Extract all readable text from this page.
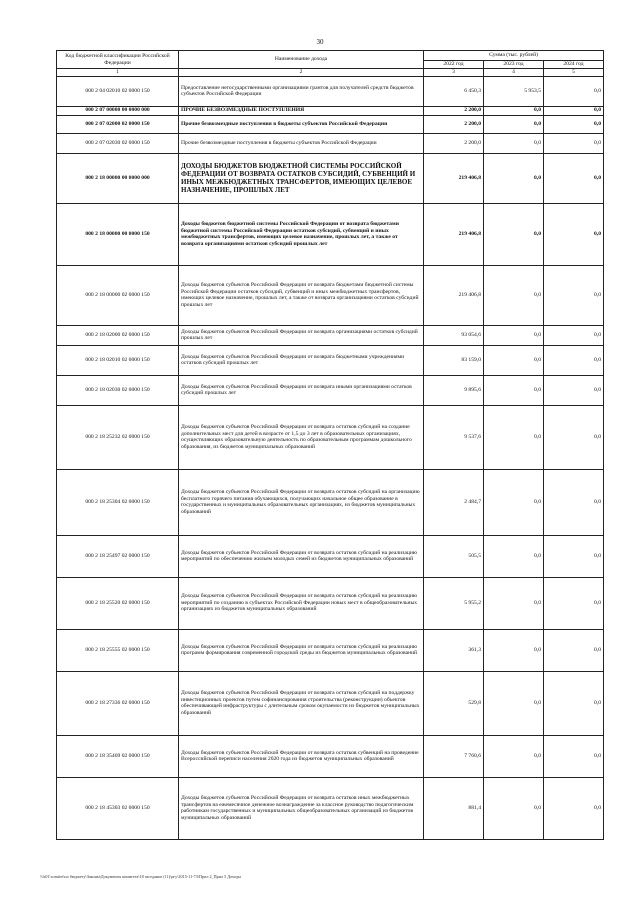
30
Код бюджетной классификации Российской Федерации	Наименование дохода	Сумма (тыс. рублей)		
		2022 год	2023 год	2024 год
1	2	3	4	5
000 2 04 02010 02 0000 150	Предоставление негосударственными организациями грантов для получателей средств бюджетов субъектов Российской Федерации	6 450,3	5 953,5	0,0
000 2 07 00000 00 0000 000	ПРОЧИЕ БЕЗВОЗМЕЗДНЫЕ ПОСТУПЛЕНИЯ	2 200,0	0,0	0,0
000 2 07 02000 02 0000 150	Прочие безвозмездные поступления в бюджеты субъектов Российской Федерации	2 200,0	0,0	0,0
000 2 07 02030 02 0000 150	Прочие безвозмездные поступления в бюджеты субъектов Российской Федерации	2 200,0	0,0	0,0
000 2 18 00000 00 0000 000	ДОХОДЫ БЮДЖЕТОВ БЮДЖЕТНОЙ СИСТЕМЫ РОССИЙСКОЙ ФЕДЕРАЦИИ ОТ ВОЗВРАТА ОСТАТКОВ СУБСИДИЙ, СУБВЕНЦИЙ И ИНЫХ МЕЖБЮДЖЕТНЫХ ТРАНСФЕРТОВ, ИМЕЮЩИХ ЦЕЛЕВОЕ НАЗНАЧЕНИЕ, ПРОШЛЫХ ЛЕТ	219 406,8	0,0	0,0
000 2 18 00000 00 0000 150	Доходы бюджетов бюджетной системы Российской Федерации от возврата бюджетами бюджетной системы Российской Федерации остатков субсидий, субвенций и иных межбюджетных трансфертов, имеющих целевое назначение, прошлых лет, а также от возврата организациями остатков субсидий прошлых лет	219 406,8	0,0	0,0
000 2 18 00000 02 0000 150	Доходы бюджетов субъектов Российской Федерации от возврата бюджетами бюджетной системы Российской Федерации остатков субсидий, субвенций и иных межбюджетных трансфертов, имеющих целевое назначение, прошлых лет, а также от возврата организациями остатков субсидий прошлых лет	219 406,8	0,0	0,0
000 2 18 02000 02 0000 150	Доходы бюджетов субъектов Российской Федерации от возврата организациями остатков субсидий прошлых лет	93 054,6	0,0	0,0
000 2 18 02010 02 0000 150	Доходы бюджетов субъектов Российской Федерации от возврата бюджетными учреждениями остатков субсидий прошлых лет	83 159,0	0,0	0,0
000 2 18 02030 02 0000 150	Доходы бюджетов субъектов Российской Федерации от возврата иными организациями остатков субсидий прошлых лет	9 895,6	0,0	0,0
000 2 18 25232 02 0000 150	Доходы бюджетов субъектов Российской Федерации от возврата остатков субсидий на создание дополнительных мест для детей в возрасте от 1,5 до 3 лет в образовательных организациях, осуществляющих образовательную деятельность по образовательным программам дошкольного образования, из бюджетов муниципальных образований	9 537,6	0,0	0,0
000 2 18 25304 02 0000 150	Доходы бюджетов субъектов Российской Федерации от возврата остатков субсидий на организацию бесплатного горячего питания обучающихся, получающих начальное общее образование в государственных и муниципальных образовательных организациях, из бюджетов муниципальных образований	2 484,7	0,0	0,0
000 2 18 25497 02 0000 150	Доходы бюджетов субъектов Российской Федерации от возврата остатков субсидий на реализацию мероприятий по обеспечению жильем молодых семей из бюджетов муниципальных образований	505,5	0,0	0,0
000 2 18 25520 02 0000 150	Доходы бюджетов субъектов Российской Федерации от возврата остатков субсидий на реализацию мероприятий по созданию в субъектах Российской Федерации новых мест в общеобразовательных организациях из бюджетов муниципальных образований	5 955,2	0,0	0,0
000 2 18 25555 02 0000 150	Доходы бюджетов субъектов Российской Федерации от возврата остатков субсидий на реализацию программ формирования современной городской среды из бюджетов муниципальных образований	361,3	0,0	0,0
000 2 18 27336 02 0000 150	Доходы бюджетов субъектов Российской Федерации от возврата остатков субсидий на поддержку инвестиционных проектов путем софинансирования строительства (реконструкции) объектов обеспечивающей инфраструктуры с длительным сроком окупаемости из бюджетов муниципальных образований	529,8	0,0	0,0
000 2 18 35469 02 0000 150	Доходы бюджетов субъектов Российской Федерации от возврата остатков субвенций на проведение Всероссийской переписи населения 2020 года из бюджетов муниципальных образований	7 760,6	0,0	0,0
000 2 18 45303 02 0000 150	Доходы бюджетов субъектов Российской Федерации от возврата остатков иных межбюджетных трансфертов на ежемесячное денежное вознаграждение за классное руководство педагогическим работникам государственных и муниципальных общеобразовательных организаций из бюджетов муниципальных образований	881,4	0,0	0,0
\\fs01\comitet\по бюджету\Законы\Документы комитета\18 заседание (11)\ргу\2015-11-73\Прил 2_Прил 5 Доходы
